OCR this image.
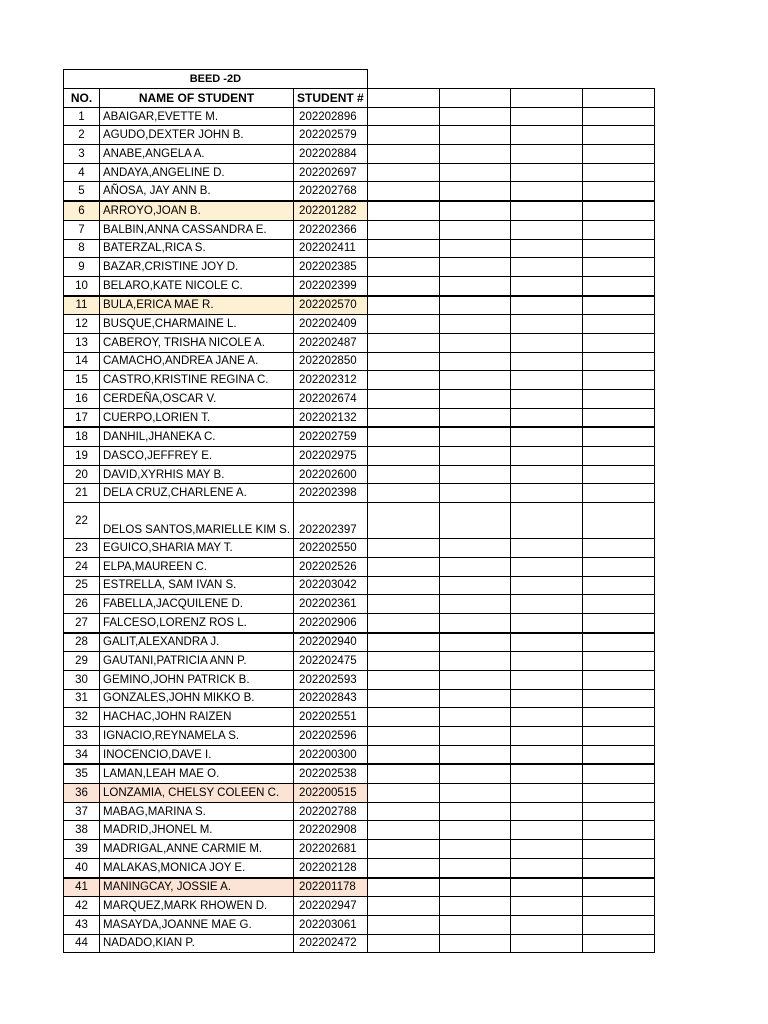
BEED -2D						
NO.	NAME OF STUDENT	STUDENT #				
1	ABAIGAR,EVETTE M.	202202896				
2	AGUDO,DEXTER JOHN B.	202202579				
3	ANABE,ANGELA A.	202202884				
4	ANDAYA,ANGELINE D.	202202697				
5	AÑOSA, JAY ANN B.	202202768				
6	ARROYO,JOAN B.	202201282				
7	BALBIN,ANNA CASSANDRA E.	202202366				
8	BATERZAL,RICA S.	202202411				
9	BAZAR,CRISTINE JOY D.	202202385				
10	BELARO,KATE NICOLE C.	202202399				
11	BULA,ERICA MAE R.	202202570				
12	BUSQUE,CHARMAINE L.	202202409				
13	CABEROY, TRISHA NICOLE A.	202202487				
14	CAMACHO,ANDREA JANE A.	202202850				
15	CASTRO,KRISTINE REGINA C.	202202312				
16	CERDEÑA,OSCAR V.	202202674				
17	CUERPO,LORIEN T.	202202132				
18	DANHIL,JHANEKA C.	202202759				
19	DASCO,JEFFREY E.	202202975				
20	DAVID,XYRHIS MAY B.	202202600				
21	DELA CRUZ,CHARLENE A.	202202398				
22	DELOS SANTOS,MARIELLE KIM S.	202202397				
23	EGUICO,SHARIA MAY T.	202202550				
24	ELPA,MAUREEN C.	202202526				
25	ESTRELLA, SAM IVAN S.	202203042				
26	FABELLA,JACQUILENE D.	202202361				
27	FALCESO,LORENZ ROS L.	202202906				
28	GALIT,ALEXANDRA J.	202202940				
29	GAUTANI,PATRICIA ANN P.	202202475				
30	GEMINO,JOHN PATRICK B.	202202593				
31	GONZALES,JOHN MIKKO B.	202202843				
32	HACHAC,JOHN RAIZEN	202202551				
33	IGNACIO,REYNAMELA S.	202202596				
34	INOCENCIO,DAVE I.	202200300				
35	LAMAN,LEAH MAE O.	202202538				
36	LONZAMIA, CHELSY COLEEN C.	202200515				
37	MABAG,MARINA S.	202202788				
38	MADRID,JHONEL M.	202202908				
39	MADRIGAL,ANNE CARMIE M.	202202681				
40	MALAKAS,MONICA JOY E.	202202128				
41	MANINGCAY, JOSSIE A.	202201178				
42	MARQUEZ,MARK RHOWEN D.	202202947				
43	MASAYDA,JOANNE MAE G.	202203061				
44	NADADO,KIAN P.	202202472				
